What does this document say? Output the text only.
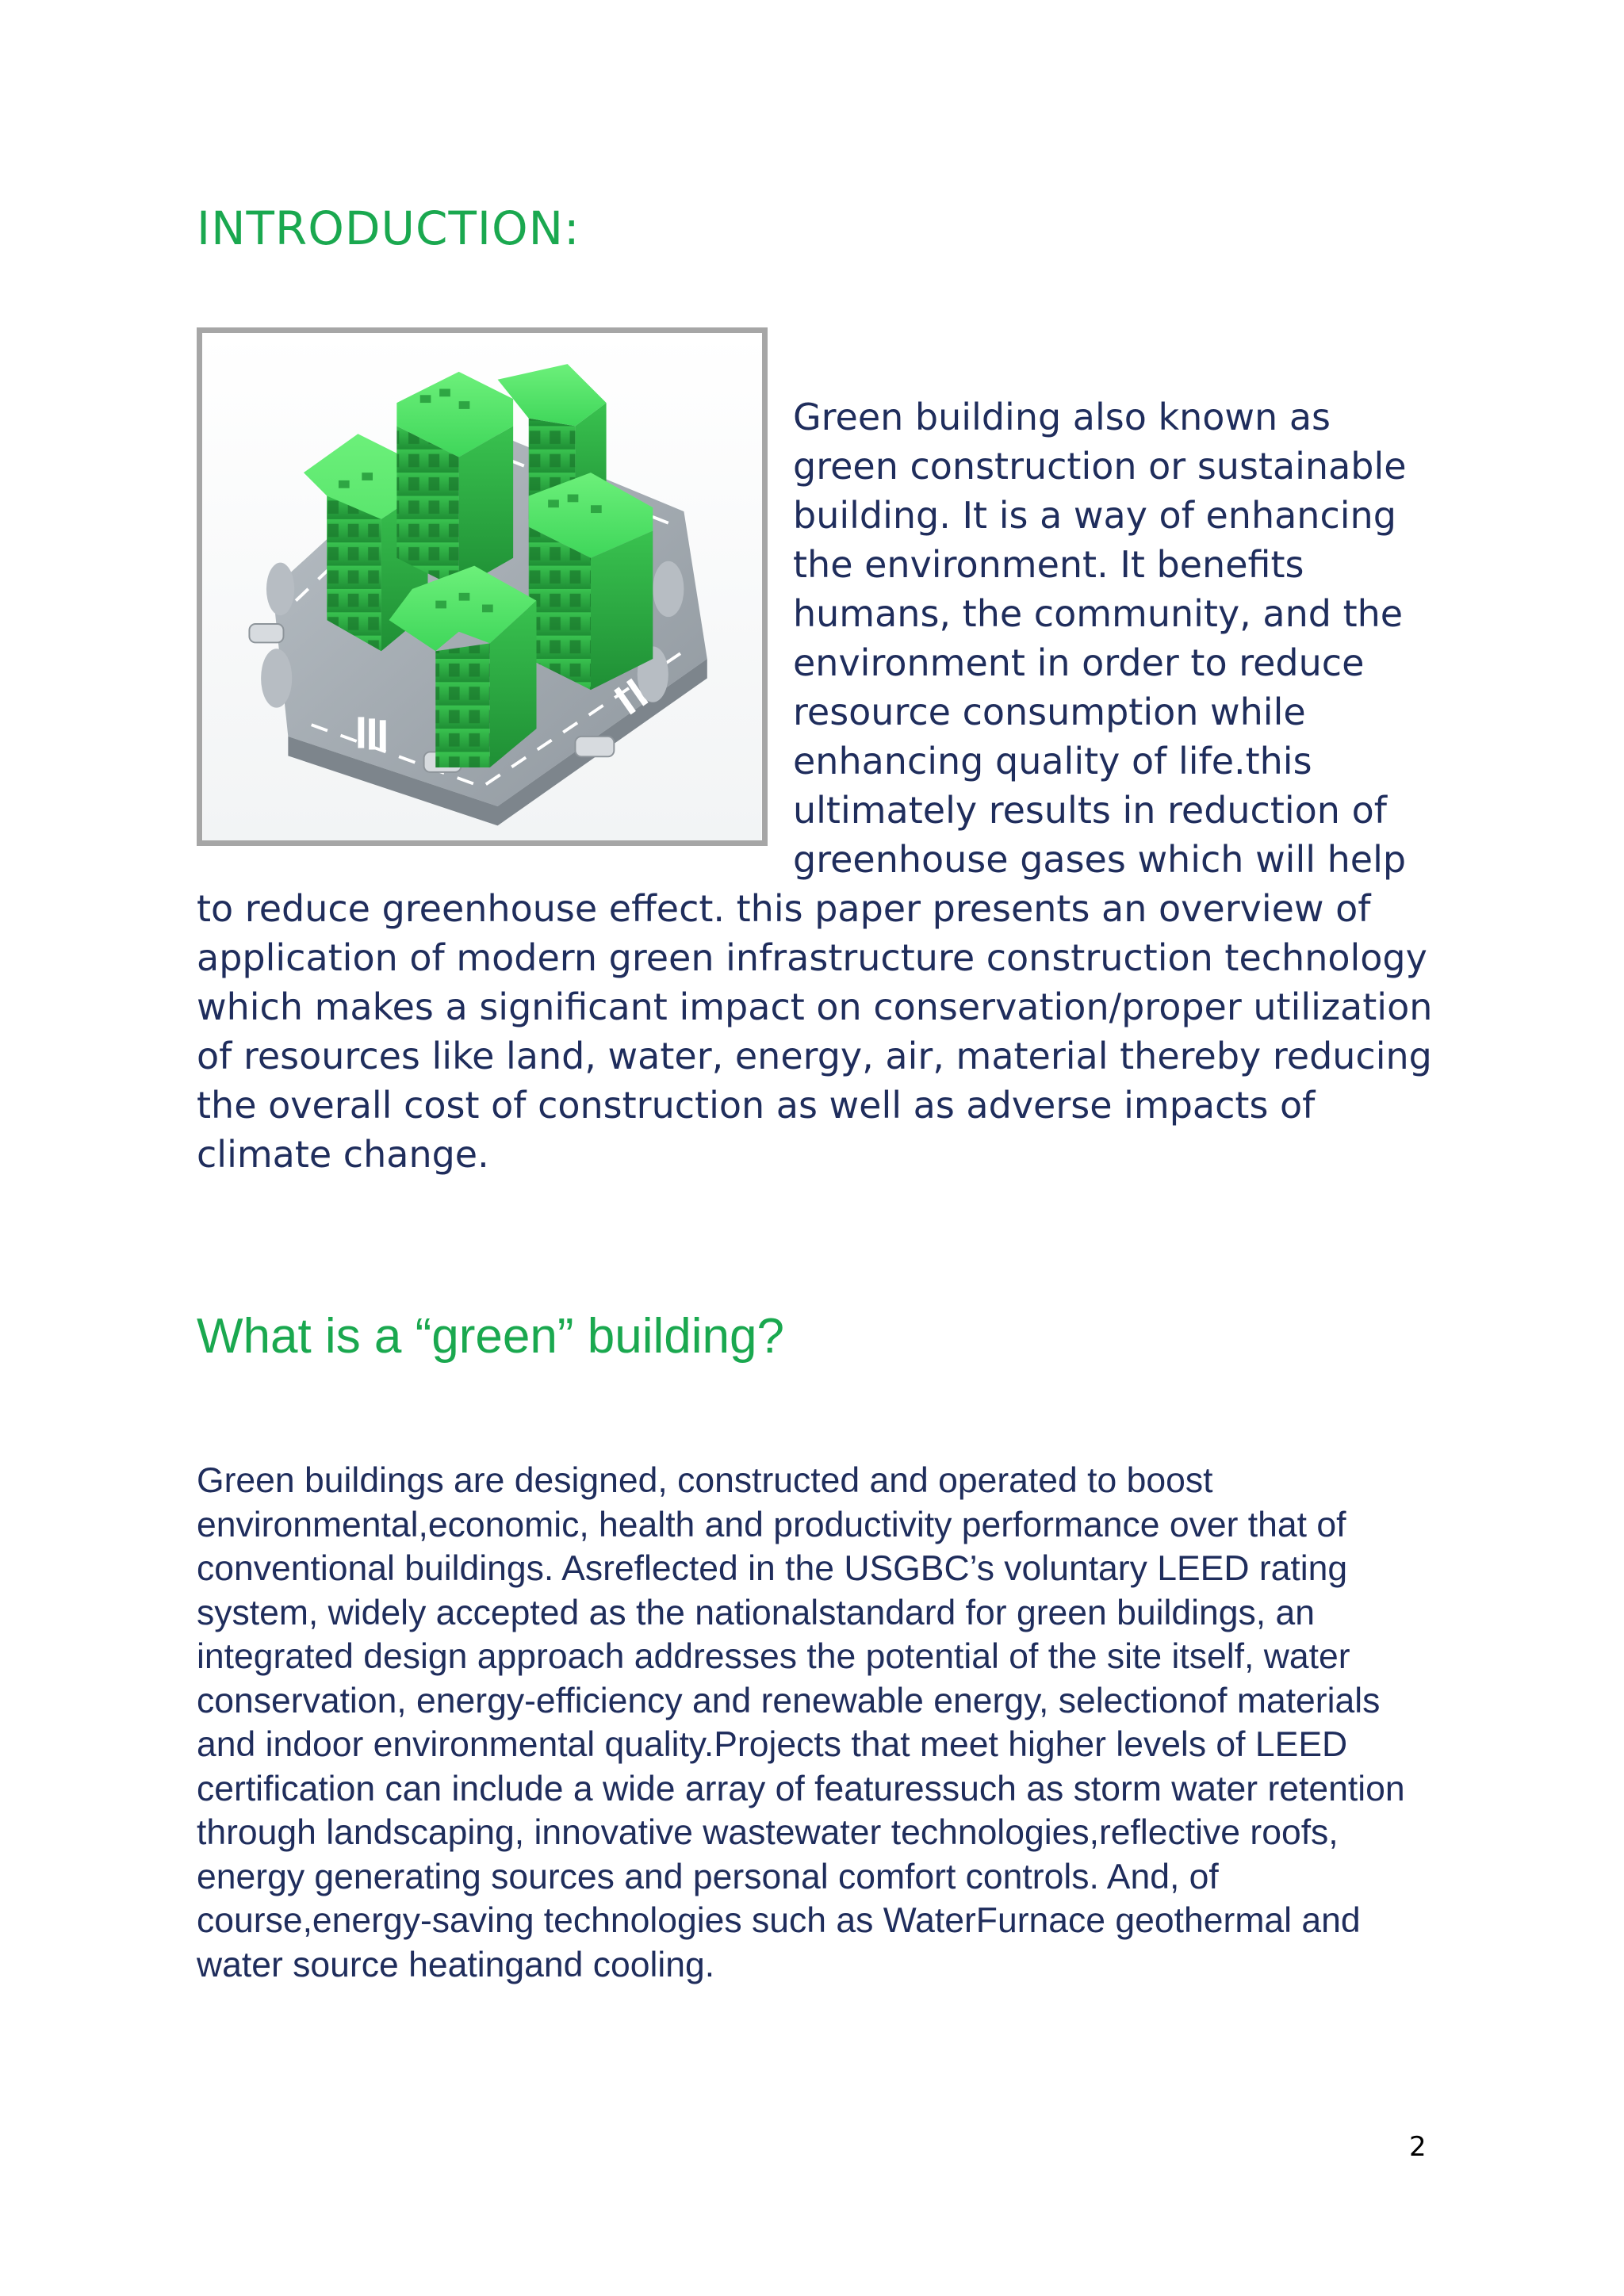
INTRODUCTION:

Green building also known as green construction or sustainable building. It is a way of enhancing the environment. It benefits humans, the community, and the environment in order to reduce resource consumption while enhancing quality of life.this ultimately results in reduction of greenhouse gases which will help to reduce greenhouse effect. this paper presents an overview of application of modern green infrastructure construction technology which makes a significant impact on conservation/proper utilization of resources like land, water, energy, air, material thereby reducing the overall cost of construction as well as adverse impacts of climate change.

What is a “green” building?

Green buildings are designed, constructed and operated to boost environmental,economic, health and productivity performance over that of conventional buildings. Asreflected in the USGBC’s voluntary LEED rating system, widely accepted as the nationalstandard for green buildings, an integrated design approach addresses the potential of the site itself, water conservation, energy-efficiency and renewable energy, selectionof materials and indoor environmental quality.Projects that meet higher levels of LEED certification can include a wide array of featuressuch as storm water retention through landscaping, innovative wastewater technologies,reflective roofs, energy generating sources and personal comfort controls. And, of course,energy-saving technologies such as WaterFurnace geothermal and water source heatingand cooling.

2
